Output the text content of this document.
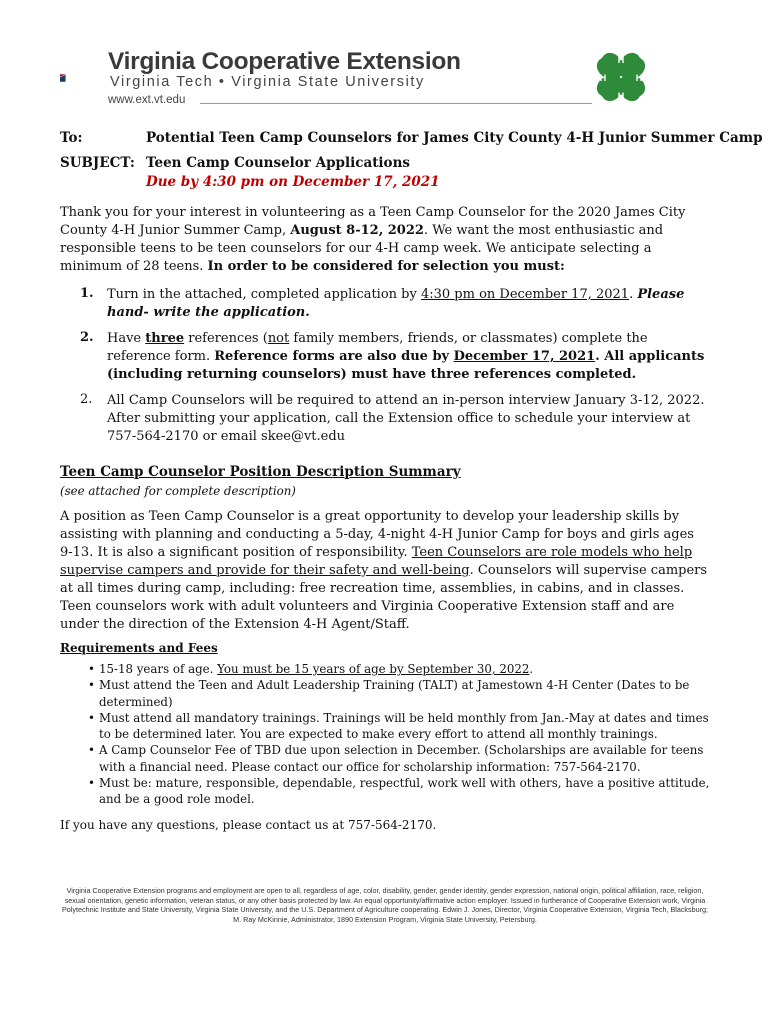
Virginia Cooperative Extension
Virginia Tech • Virginia State University
www.ext.vt.edu
H
H
H	H
To:	Potential Teen Camp Counselors for James City County 4-H Junior Summer Camp
SUBJECT: Teen Camp Counselor Applications
Due by 4:30 pm on December 17, 2021
Thank you for your interest in volunteering as a Teen Camp Counselor for the 2020 James City County 4-H Junior Summer Camp, August 8-12, 2022. We want the most enthusiastic and responsible teens to be teen counselors for our 4-H camp week. We anticipate selecting a minimum of 28 teens. In order to be considered for selection you must:
1. Turn in the attached, completed application by 4:30 pm on December 17, 2021. Please hand- write the application.
2. Have three references (not family members, friends, or classmates) complete the reference form. Reference forms are also due by December 17, 2021. All applicants (including returning counselors) must have three references completed.
2. All Camp Counselors will be required to attend an in-person interview January 3-12, 2022. After submitting your application, call the Extension office to schedule your interview at 757-564-2170 or email skee@vt.edu
Teen Camp Counselor Position Description Summary
(see attached for complete description)
A position as Teen Camp Counselor is a great opportunity to develop your leadership skills by assisting with planning and conducting a 5-day, 4-night 4-H Junior Camp for boys and girls ages 9-13. It is also a significant position of responsibility. Teen Counselors are role models who help supervise campers and provide for their safety and well-being. Counselors will supervise campers at all times during camp, including: free recreation time, assemblies, in cabins, and in classes. Teen counselors work with adult volunteers and Virginia Cooperative Extension staff and are under the direction of the Extension 4-H Agent/Staff.
Requirements and Fees
• 15-18 years of age. You must be 15 years of age by September 30, 2022.
• Must attend the Teen and Adult Leadership Training (TALT) at Jamestown 4-H Center (Dates to be determined)
• Must attend all mandatory trainings. Trainings will be held monthly from Jan.-May at dates and times to be determined later. You are expected to make every effort to attend all monthly trainings.
• A Camp Counselor Fee of TBD due upon selection in December. (Scholarships are available for teens with a financial need. Please contact our office for scholarship information: 757-564-2170.
• Must be: mature, responsible, dependable, respectful, work well with others, have a positive attitude, and be a good role model.
If you have any questions, please contact us at 757-564-2170.
Virginia Cooperative Extension programs and employment are open to all, regardless of age, color, disability, gender, gender identity, gender expression, national origin, political affiliation, race, religion, sexual orientation, genetic information, veteran status, or any other basis protected by law. An equal opportunity/affirmative action employer. Issued in furtherance of Cooperative Extension work, Virginia Polytechnic Institute and State University, Virginia State University, and the U.S. Department of Agriculture cooperating. Edwin J. Jones, Director, Virginia Cooperative Extension, Virginia Tech, Blacksburg; M. Ray McKinnie, Administrator, 1890 Extension Program, Virginia State University, Petersburg.
